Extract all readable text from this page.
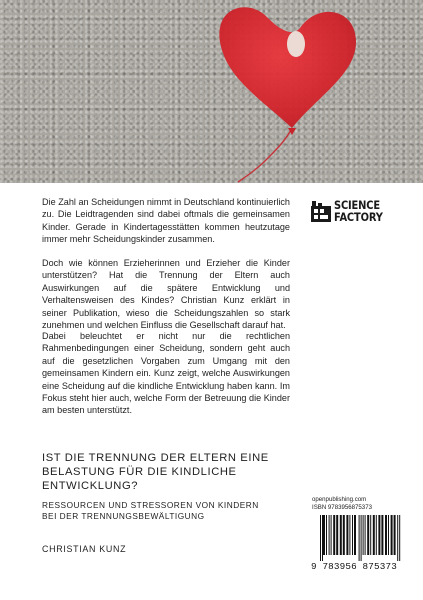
Die Zahl an Scheidungen nimmt in Deutschland kontinuierlich zu. Die Leidtragenden sind dabei oftmals die gemeinsamen Kinder. Gerade in Kindertagesstätten kommen heutzutage immer mehr Scheidungskinder zusammen.
Doch wie können Erzieherinnen und Erzieher die Kinder unterstützen? Hat die Trennung der Eltern auch Auswirkungen auf die spätere Entwicklung und Verhaltensweisen des Kindes? Christian Kunz erklärt in seiner Publikation, wieso die Scheidungszahlen so stark zunehmen und welchen Einfluss die Gesellschaft darauf hat.
Dabei beleuchtet er nicht nur die rechtlichen Rahmenbedingungen einer Scheidung, sondern geht auch auf die gesetzlichen Vorgaben zum Umgang mit den gemeinsamen Kindern ein. Kunz zeigt, welche Auswirkungen eine Scheidung auf die kindliche Entwicklung haben kann. Im Fokus steht hier auch, welche Form der Betreuung die Kinder am besten unterstützt.
SCIENCE
FACTORY
IST DIE TRENNUNG DER ELTERN EINE
BELASTUNG FÜR DIE KINDLICHE
ENTWICKLUNG?
RESSOURCEN UND STRESSOREN VON KINDERN
BEI DER TRENNUNGSBEWÄLTIGUNG
CHRISTIAN KUNZ
openpublishing.com
ISBN 9783956875373
9 783956 875373
